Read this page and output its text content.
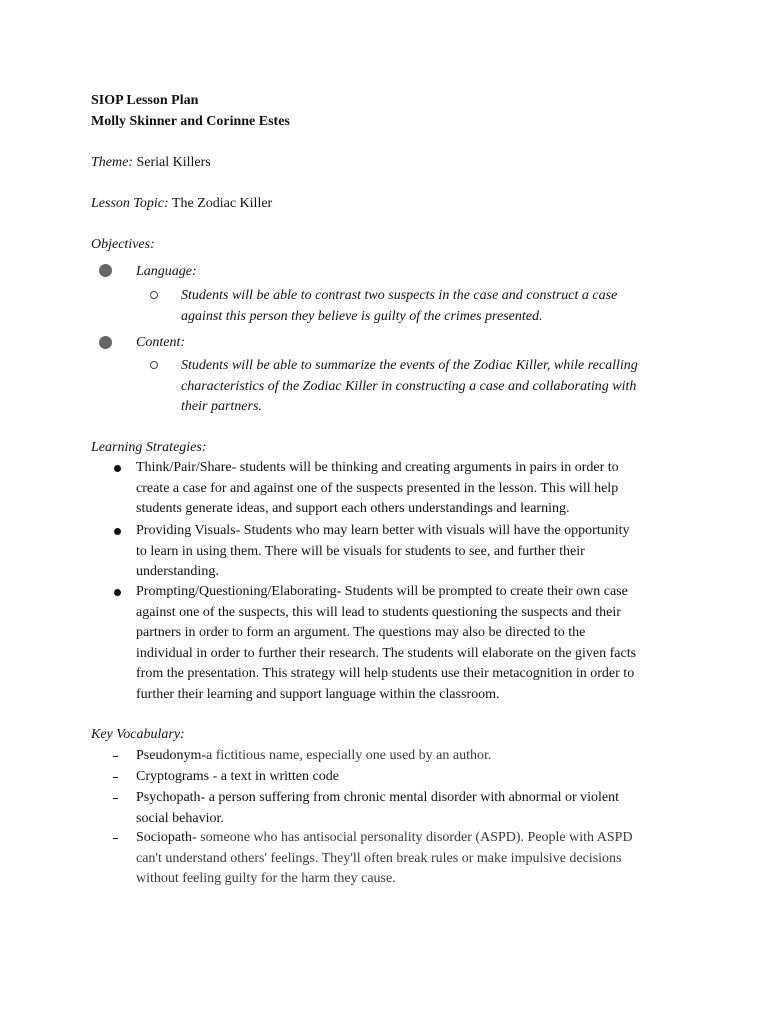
SIOP Lesson Plan
Molly Skinner and Corinne Estes
Theme: Serial Killers
Lesson Topic: The Zodiac Killer
Objectives:
Language:
Students will be able to contrast two suspects in the case and construct a case
against this person they believe is guilty of the crimes presented.
Content:
Students will be able to summarize the events of the Zodiac Killer, while recalling
characteristics of the Zodiac Killer in constructing a case and collaborating with
their partners.
Learning Strategies:
Think/Pair/Share- students will be thinking and creating arguments in pairs in order to
create a case for and against one of the suspects presented in the lesson. This will help
students generate ideas, and support each others understandings and learning.
Providing Visuals- Students who may learn better with visuals will have the opportunity
to learn in using them. There will be visuals for students to see, and further their
understanding.
Prompting/Questioning/Elaborating- Students will be prompted to create their own case
against one of the suspects, this will lead to students questioning the suspects and their
partners in order to form an argument. The questions may also be directed to the
individual in order to further their research. The students will elaborate on the given facts
from the presentation. This strategy will help students use their metacognition in order to
further their learning and support language within the classroom.
Key Vocabulary:
Pseudonym-a fictitious name, especially one used by an author.
Cryptograms - a text in written code
Psychopath- a person suffering from chronic mental disorder with abnormal or violent
social behavior.
Sociopath- someone who has antisocial personality disorder (ASPD). People with ASPD
can't understand others' feelings. They'll often break rules or make impulsive decisions
without feeling guilty for the harm they cause.
